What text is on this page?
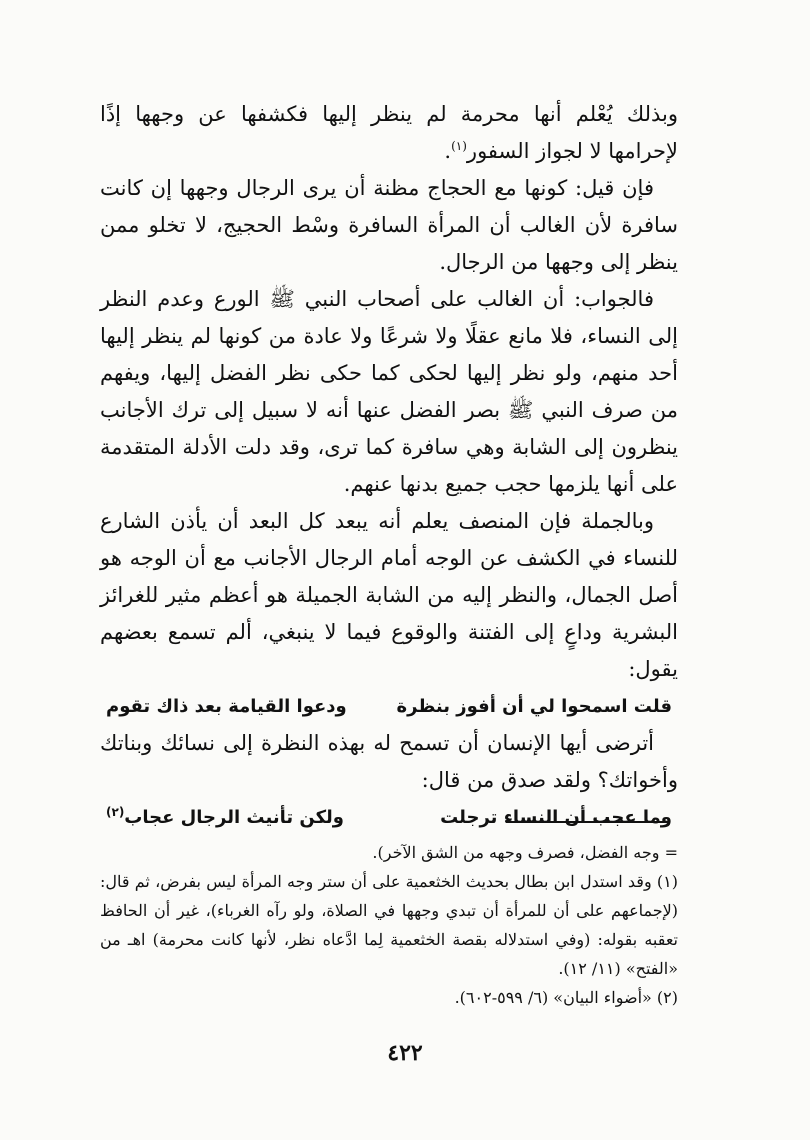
وبذلك يُعْلم أنها محرمة لم ينظر إليها فكشفها عن وجهها إذًا لإحرامها لا لجواز السفور$^{(١)}$.

فإن قيل: كونها مع الحجاج مظنة أن يرى الرجال وجهها إن كانت سافرة لأن الغالب أن المرأة السافرة وسْط الحجيج، لا تخلو ممن ينظر إلى وجهها من الرجال.

فالجواب: أن الغالب على أصحاب النبي ﷺ الورع وعدم النظر إلى النساء، فلا مانع عقلًا ولا شرعًا ولا عادة من كونها لم ينظر إليها أحد منهم، ولو نظر إليها لحكى كما حكى نظر الفضل إليها، ويفهم من صرف النبي ﷺ بصر الفضل عنها أنه لا سبيل إلى ترك الأجانب ينظرون إلى الشابة وهي سافرة كما ترى، وقد دلت الأدلة المتقدمة على أنها يلزمها حجب جميع بدنها عنهم.

وبالجملة فإن المنصف يعلم أنه يبعد كل البعد أن يأذن الشارع للنساء في الكشف عن الوجه أمام الرجال الأجانب مع أن الوجه هو أصل الجمال، والنظر إليه من الشابة الجميلة هو أعظم مثير للغرائز البشرية وداعٍ إلى الفتنة والوقوع فيما لا ينبغي، ألم تسمع بعضهم يقول:

قلت اسمحوا لي أن أفوز بنظرة
ودعوا القيامة بعد ذاك تقوم

أترضى أيها الإنسان أن تسمح له بهذه النظرة إلى نسائك وبناتك وأخواتك؟ ولقد صدق من قال:

وما عجب أن النساء ترجلت
ولكن تأنيث الرجال عجاب$^{(٢)}$

= وجه الفضل، فصرف وجهه من الشق الآخر).

(١) وقد استدل ابن بطال بحديث الخثعمية على أن ستر وجه المرأة ليس بفرض، ثم قال: (لإجماعهم على أن للمرأة أن تبدي وجهها في الصلاة، ولو رآه الغرباء)، غير أن الحافظ تعقبه بقوله: (وفي استدلاله بقصة الخثعمية لِما ادَّعاه نظر، لأنها كانت محرمة) اهـ من «الفتح» (١١/ ١٢).

(٢) «أضواء البيان» (٦/ ٥٩٩-٦٠٢).

٤٢٢
